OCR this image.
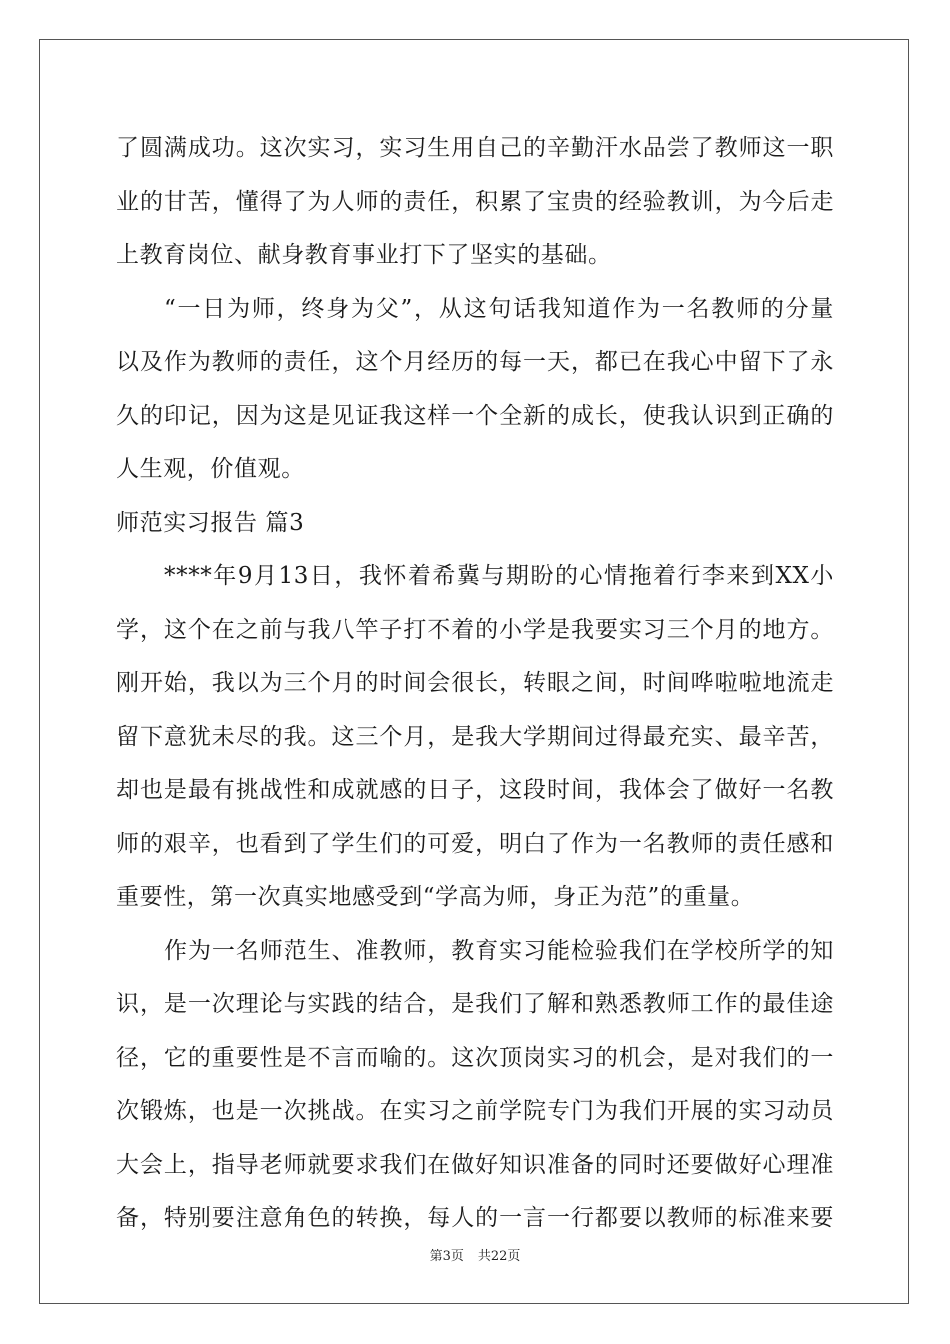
了圆满成功。这次实习，实习生用自己的辛勤汗水品尝了教师这一职
业的甘苦，懂得了为人师的责任，积累了宝贵的经验教训，为今后走
上教育岗位、献身教育事业打下了坚实的基础。
“一日为师，终身为父”，从这句话我知道作为一名教师的分量
以及作为教师的责任，这个月经历的每一天，都已在我心中留下了永
久的印记，因为这是见证我这样一个全新的成长，使我认识到正确的
人生观，价值观。
师范实习报告 篇3
****年9月13日，我怀着希冀与期盼的心情拖着行李来到XX小
学，这个在之前与我八竿子打不着的小学是我要实习三个月的地方。
刚开始，我以为三个月的时间会很长，转眼之间，时间哗啦啦地流走
留下意犹未尽的我。这三个月，是我大学期间过得最充实、最辛苦，
却也是最有挑战性和成就感的日子，这段时间，我体会了做好一名教
师的艰辛，也看到了学生们的可爱，明白了作为一名教师的责任感和
重要性，第一次真实地感受到“学高为师，身正为范”的重量。
作为一名师范生、准教师，教育实习能检验我们在学校所学的知
识，是一次理论与实践的结合，是我们了解和熟悉教师工作的最佳途
径，它的重要性是不言而喻的。这次顶岗实习的机会，是对我们的一
次锻炼，也是一次挑战。在实习之前学院专门为我们开展的实习动员
大会上，指导老师就要求我们在做好知识准备的同时还要做好心理准
备，特别要注意角色的转换，每人的一言一行都要以教师的标准来要
第3页 共22页
